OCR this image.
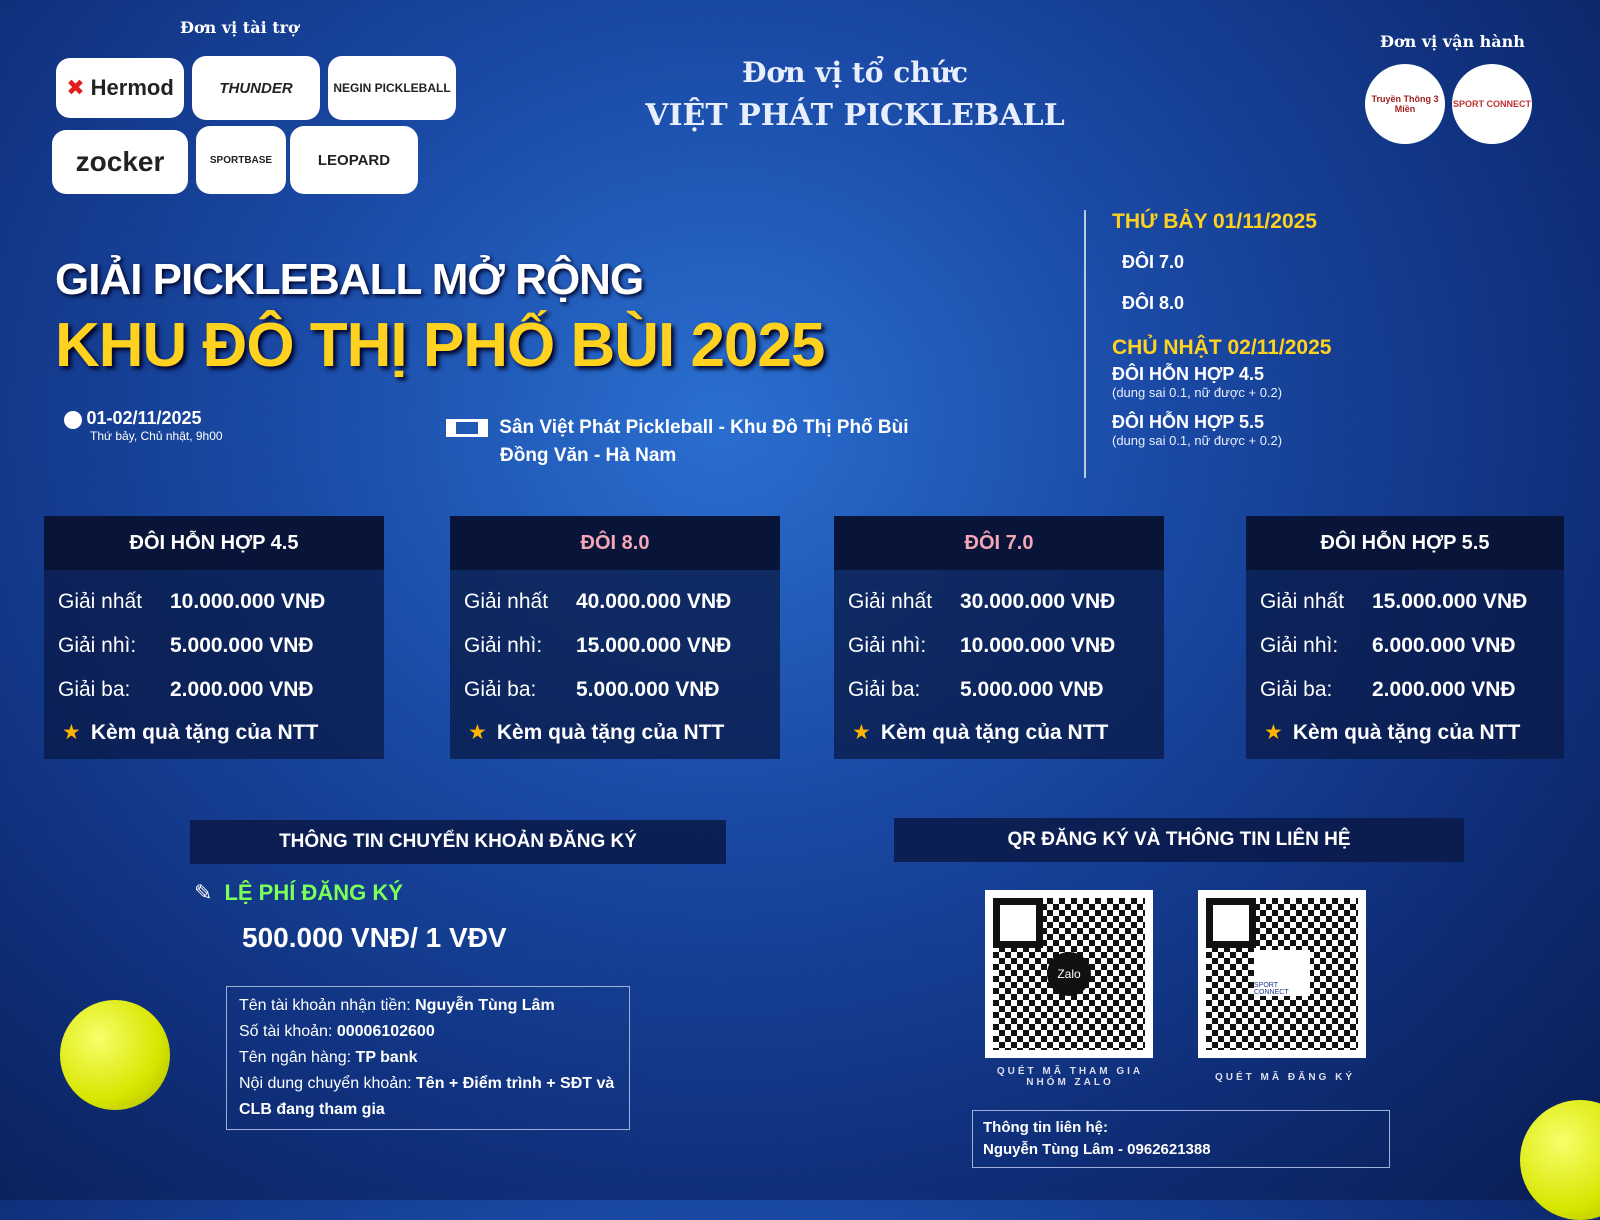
Đơn vị tài trợ
✖ Hermod	THUNDER	NEGIN PICKLEBALL
zocker	SPORTBASE	LEOPARD
Đơn vị tổ chức
VIỆT PHÁT PICKLEBALL
Đơn vị vận hành
Truyền Thông 3 Miền	SPORT CONNECT
GIẢI PICKLEBALL MỞ RỘNG
KHU ĐÔ THỊ PHỐ BÙI 2025
01-02/11/2025
Thứ bảy, Chủ nhật, 9h00	Sân Việt Phát Pickleball - Khu Đô Thị Phố Bùi
Đồng Văn - Hà Nam
THỨ BẢY 01/11/2025
ĐÔI 7.0
ĐÔI 8.0
CHỦ NHẬT 02/11/2025
ĐÔI HỖN HỢP 4.5
(dung sai 0.1, nữ được + 0.2)
ĐÔI HỖN HỢP 5.5
(dung sai 0.1, nữ được + 0.2)
ĐÔI HỖN HỢP 4.5
Giải nhất	10.000.000 VNĐ
Giải nhì:	5.000.000 VNĐ
Giải ba:	2.000.000 VNĐ
★ Kèm quà tặng của NTT
ĐÔI 8.0
Giải nhất	40.000.000 VNĐ
Giải nhì:	15.000.000 VNĐ
Giải ba:	5.000.000 VNĐ
★ Kèm quà tặng của NTT
ĐÔI 7.0
Giải nhất	30.000.000 VNĐ
Giải nhì:	10.000.000 VNĐ
Giải ba:	5.000.000 VNĐ
★ Kèm quà tặng của NTT
ĐÔI HỖN HỢP 5.5
Giải nhất	15.000.000 VNĐ
Giải nhì:	6.000.000 VNĐ
Giải ba:	2.000.000 VNĐ
★ Kèm quà tặng của NTT
THÔNG TIN CHUYỂN KHOẢN ĐĂNG KÝ
✎ LỆ PHÍ ĐĂNG KÝ
500.000 VNĐ/ 1 VĐV
Tên tài khoản nhận tiền: Nguyễn Tùng Lâm
Số tài khoản: 00006102600
Tên ngân hàng: TP bank
Nội dung chuyển khoản: Tên + Điểm trình + SĐT và CLB đang tham gia
QR ĐĂNG KÝ VÀ THÔNG TIN LIÊN HỆ
Zalo
QUÉT MÃ THAM GIA NHÓM ZALO
SPORT CONNECT
QUÉT MÃ ĐĂNG KÝ
Thông tin liên hệ:
Nguyễn Tùng Lâm - 0962621388
